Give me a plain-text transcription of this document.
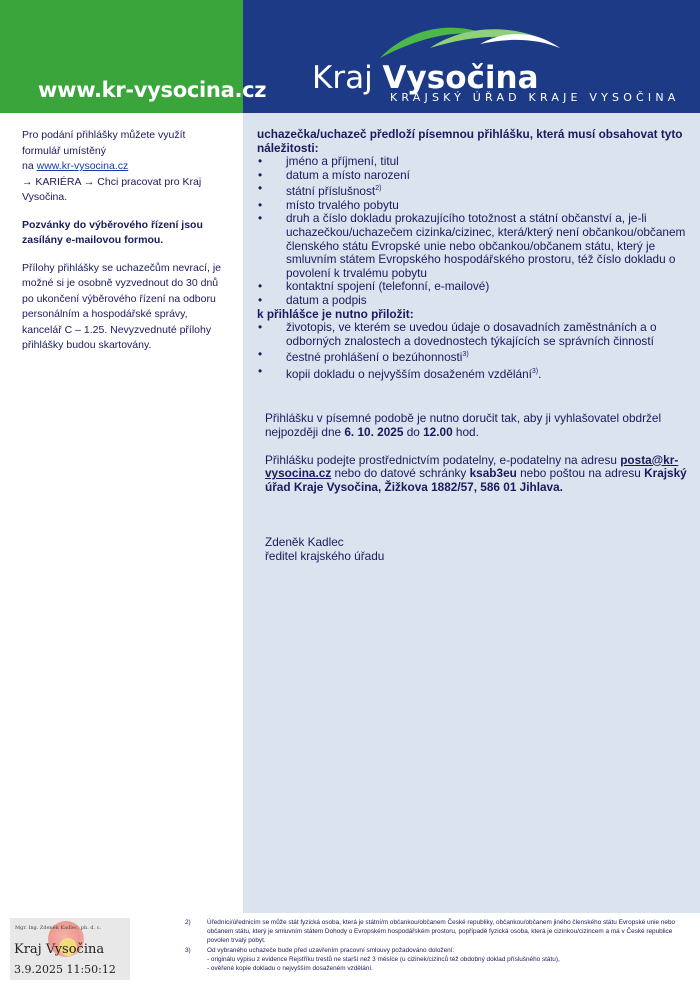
www.kr-vysocina.cz Kraj Vysočina
KRAJSKÝ ÚŘAD KRAJE VYSOČINA

Pro podání přihlášky můžete využít formulář umístěný
na www.kr-vysocina.cz
→ KARIÉRA → Chci pracovat pro Kraj Vysočina.

Pozvánky do výběrového řízení jsou zasílány e-mailovou formou.

Přílohy přihlášky se uchazečům nevrací, je možné si je osobně vyzvednout do 30 dnů po ukončení výběrového řízení na odboru personálním a hospodářské správy, kancelář C – 1.25. Nevyzvednuté přílohy přihlášky budou skartovány.

uchazečka/uchazeč předloží písemnou přihlášku, která musí obsahovat tyto náležitosti:

• jméno a příjmení, titul
• datum a místo narození
• státní příslušnost$^{2)}$
• místo trvalého pobytu
• druh a číslo dokladu prokazujícího totožnost a státní občanství a, je-li uchazečkou/uchazečem cizinka/cizinec, která/který není občankou/občanem členského státu Evropské unie nebo občankou/občanem státu, který je smluvním státem Evropského hospodářského prostoru, též číslo dokladu o povolení k trvalému pobytu
• kontaktní spojení (telefonní, e-mailové)
• datum a podpis

k přihlášce je nutno přiložit:

• životopis, ve kterém se uvedou údaje o dosavadních zaměstnáních a o odborných znalostech a dovednostech týkajících se správních činností
• čestné prohlášení o bezúhonnosti$^{3)}$
• kopii dokladu o nejvyšším dosaženém vzdělání$^{3)}$.

Přihlášku v písemné podobě je nutno doručit tak, aby ji vyhlašovatel obdržel nejpozději dne 6. 10. 2025 do 12.00 hod.

Přihlášku podejte prostřednictvím podatelny, e-podatelny na adresu posta@kr-vysocina.cz nebo do datové schránky ksab3eu nebo poštou na adresu Krajský úřad Kraje Vysočina, Žižkova 1882/57, 586 01 Jihlava.

Zdeněk Kadlec
ředitel krajského úřadu

Mgr. Ing. Zdeněk Kadlec, ph. d. c.
Kraj Vysočina
3.9.2025 11:50:12
2)	Úředníci/úřednicím se může stát fyzická osoba, která je státní/m občankou/občanem České republiky, občankou/občanem jiného členského státu Evropské unie nebo občanem státu, který je smluvním státem Dohody o Evropském hospodářském prostoru, popřípadě fyzická osoba, která je cizinkou/cizincem a má v České republice povolen trvalý pobyt.
3)	Od vybraného uchazeče bude před uzavřením pracovní smlouvy požadováno doložení:
- originálu výpisu z evidence Rejstříku trestů ne starší než 3 měsíce (u cizinek/cizinců též obdobný doklad příslušného státu),
- ověřené kopie dokladu o nejvyšším dosaženém vzdělání.
